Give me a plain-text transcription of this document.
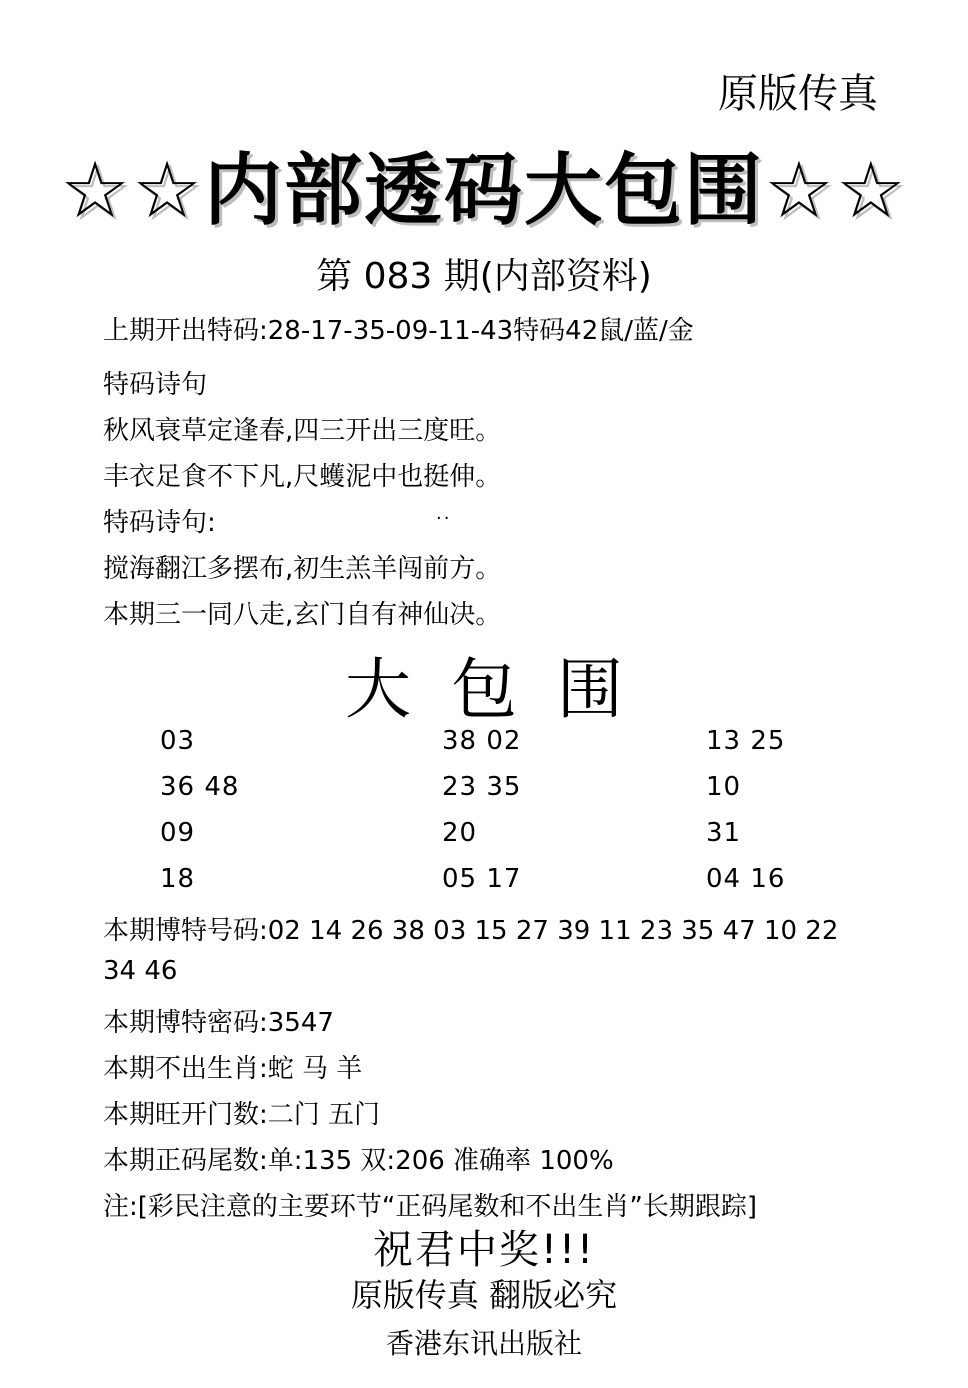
原版传真
☆☆内部透码大包围☆☆
第 083 期(内部资料)
上期开出特码:28-17-35-09-11-43特码42鼠/蓝/金
特码诗句
秋风衰草定逢春,四三开出三度旺。
丰衣足食不下凡,尺蠖泥中也挺伸。
特码诗句:	··
搅海翻江多摆布,初生羔羊闯前方。
本期三一同八走,玄门自有神仙决。
大包围
03
36 48
09
18
38 02
23 35
20
05 17
13 25
10
31
04 16
本期博特号码:02 14 26 38 03 15 27 39 11 23 35 47 10 22
34 46
本期博特密码:3547
本期不出生肖:蛇 马 羊
本期旺开门数:二门 五门
本期正码尾数:单:135 双:206 准确率 100%
注:[彩民注意的主要环节“正码尾数和不出生肖”长期跟踪]
祝君中奖!!!
原版传真 翻版必究
香港东讯出版社
